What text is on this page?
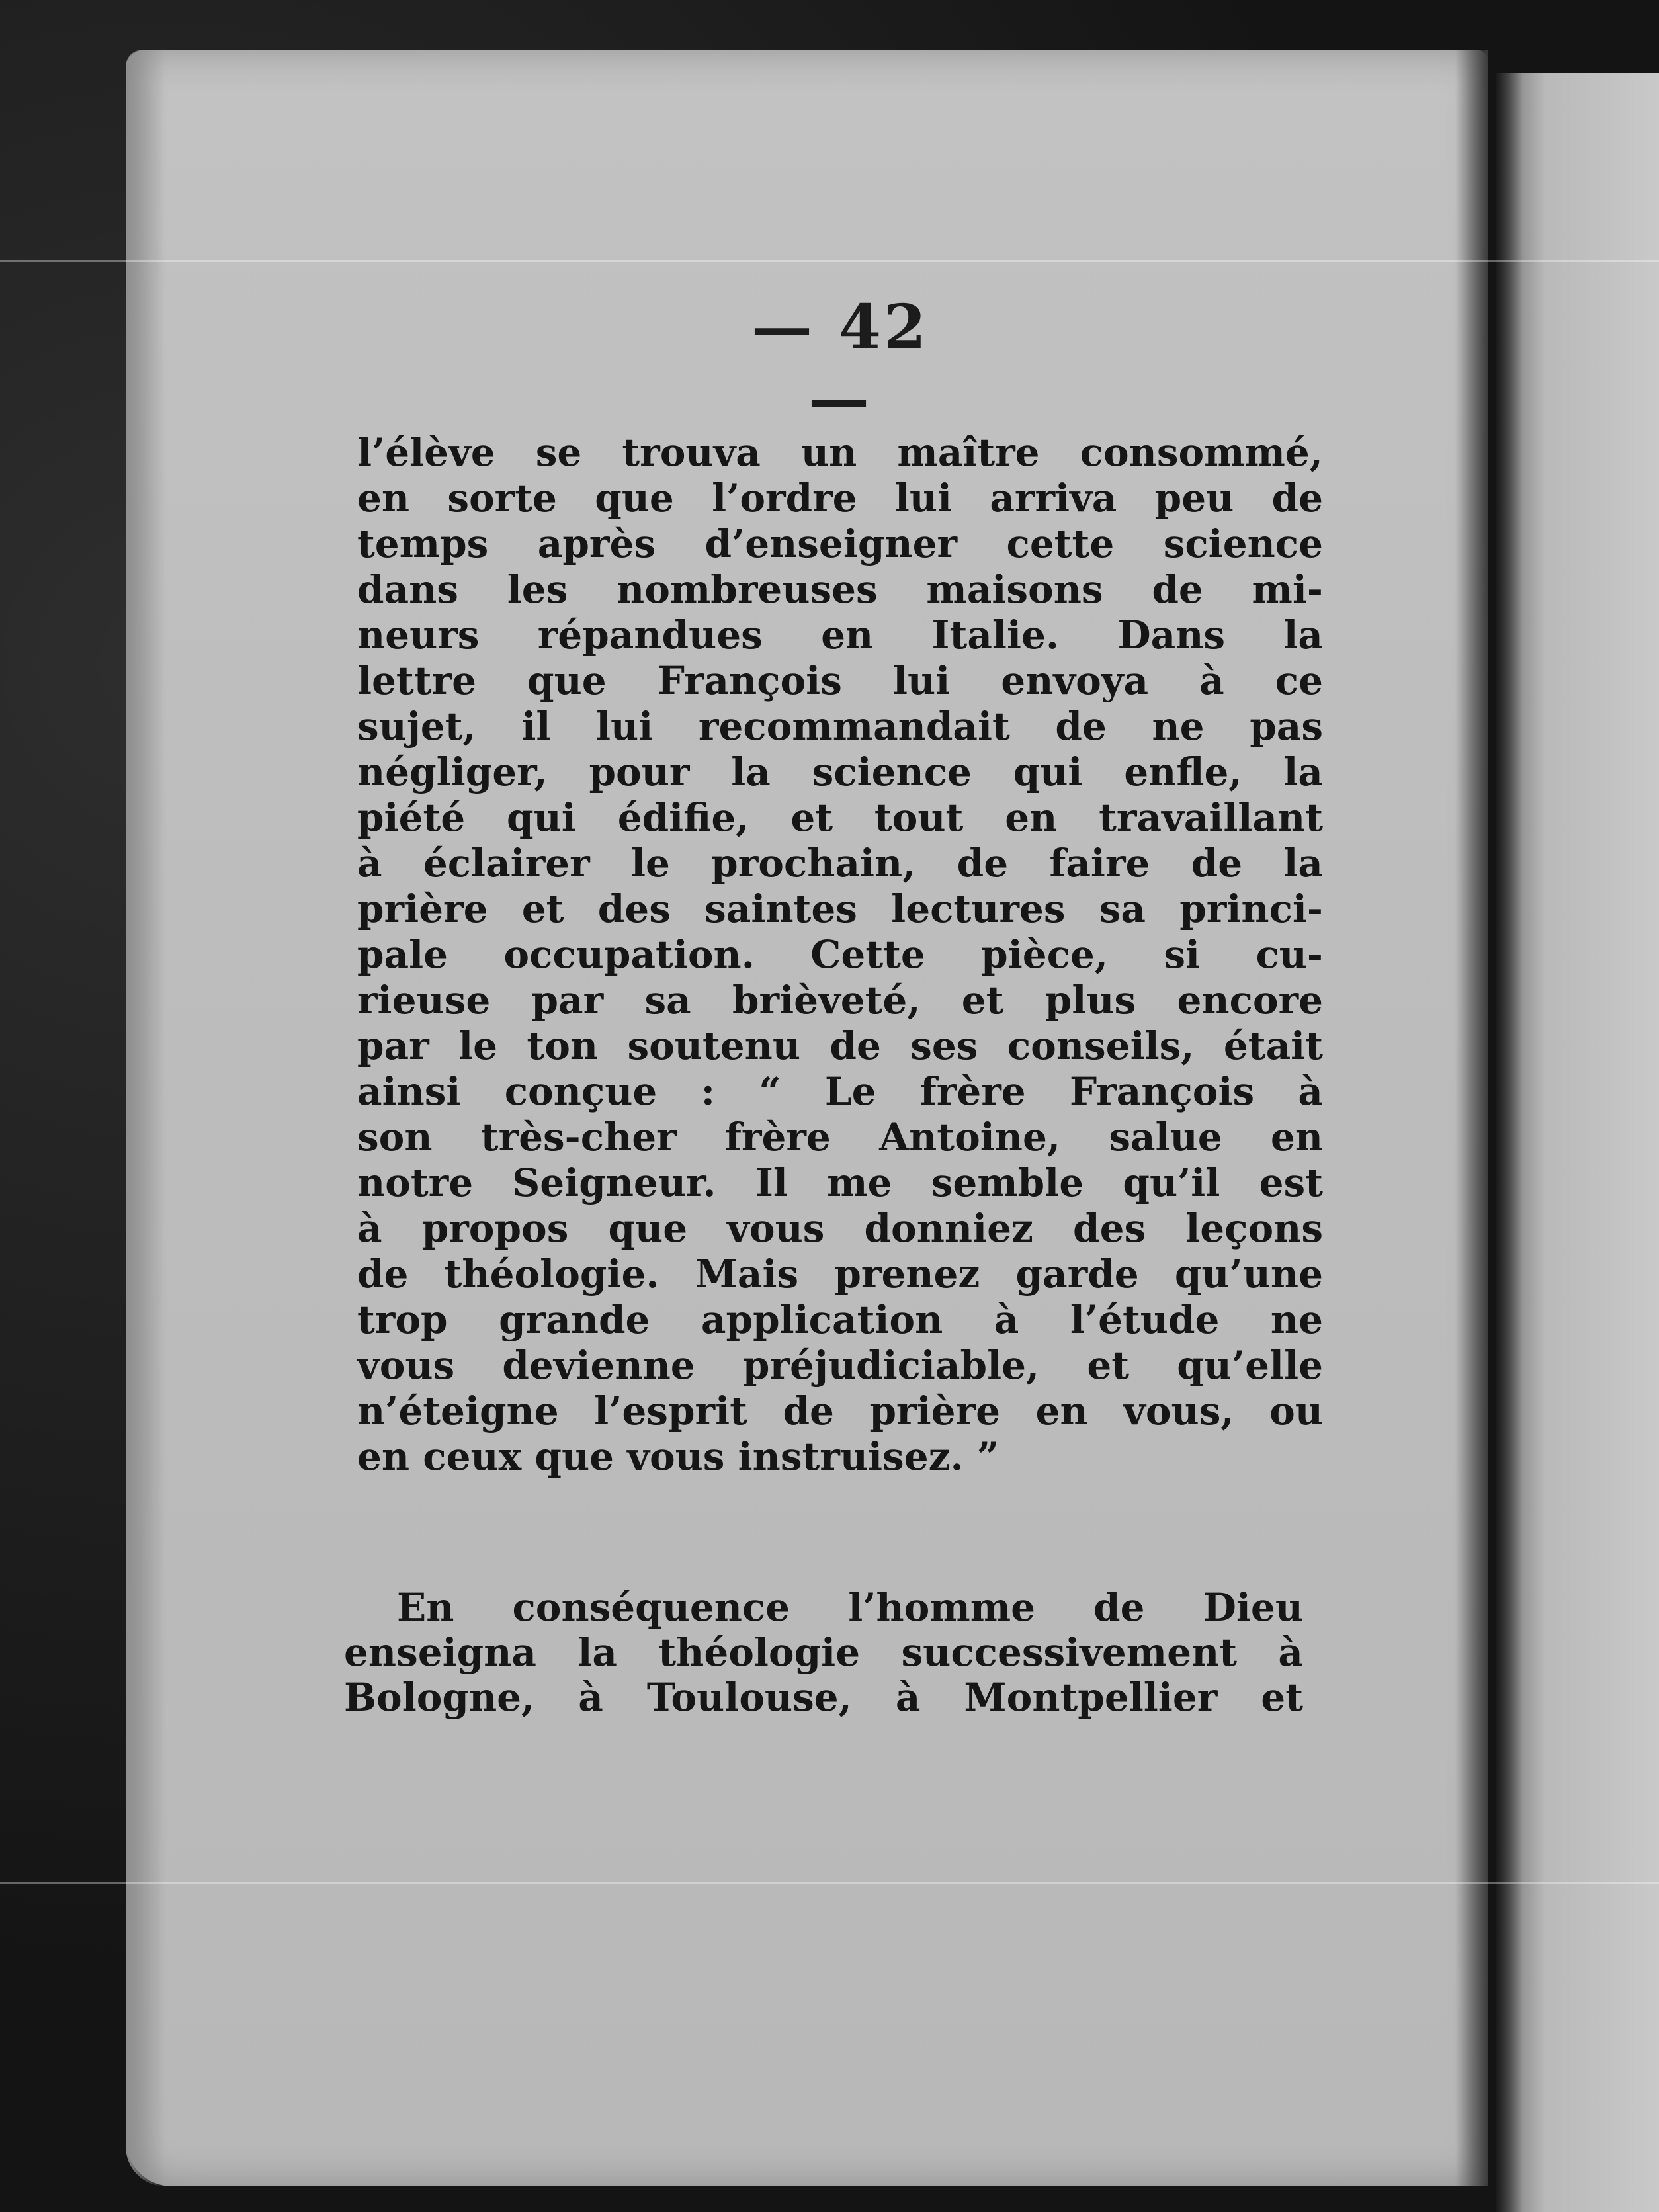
— 42 —
l’élève se trouva un maître consommé,
en sorte que l’ordre lui arriva peu de
temps après d’enseigner cette science
dans les nombreuses maisons de mi-
neurs répandues en Italie. Dans la
lettre que François lui envoya à ce
sujet, il lui recommandait de ne pas
négliger, pour la science qui enfle, la
piété qui édifie, et tout en travaillant
à éclairer le prochain, de faire de la
prière et des saintes lectures sa princi-
pale occupation. Cette pièce, si cu-
rieuse par sa brièveté, et plus encore
par le ton soutenu de ses conseils, était
ainsi conçue : “ Le frère François à
son très-cher frère Antoine, salue en
notre Seigneur. Il me semble qu’il est
à propos que vous donniez des leçons
de théologie. Mais prenez garde qu’une
trop grande application à l’étude ne
vous devienne préjudiciable, et qu’elle
n’éteigne l’esprit de prière en vous, ou
en ceux que vous instruisez. ”
En conséquence l’homme de Dieu
enseigna la théologie successivement à
Bologne, à Toulouse, à Montpellier et
